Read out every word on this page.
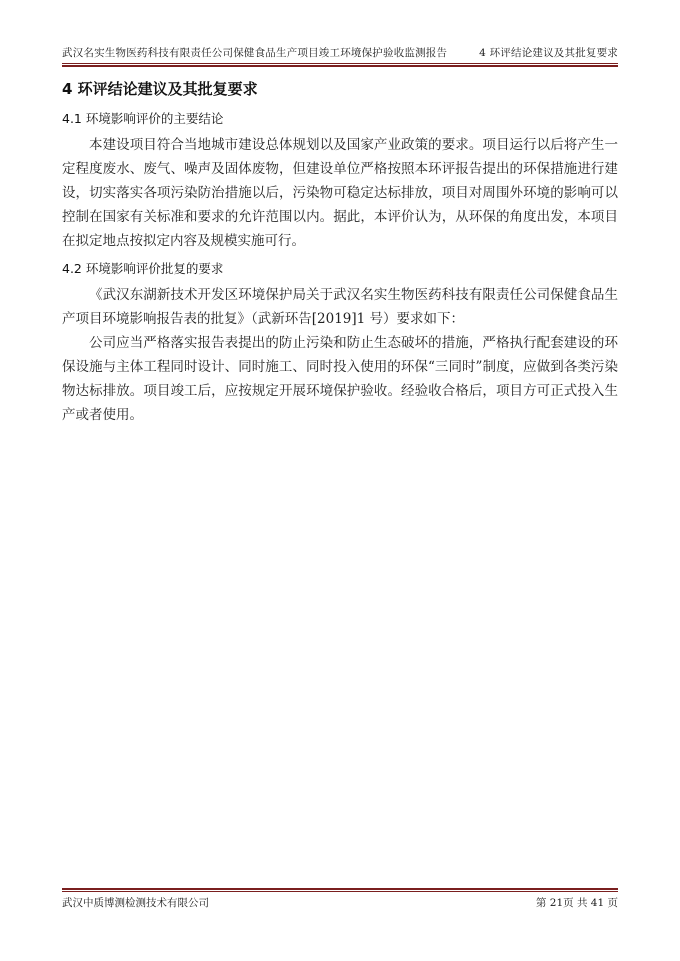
武汉名实生物医药科技有限责任公司保健食品生产项目竣工环境保护验收监测报告	4 环评结论建议及其批复要求
4 环评结论建议及其批复要求
4.1 环境影响评价的主要结论

本建设项目符合当地城市建设总体规划以及国家产业政策的要求。项目运行以后将产生一定程度废水、废气、噪声及固体废物，但建设单位严格按照本环评报告提出的环保措施进行建设，切实落实各项污染防治措施以后，污染物可稳定达标排放，项目对周围外环境的影响可以控制在国家有关标准和要求的允许范围以内。据此，本评价认为，从环保的角度出发，本项目在拟定地点按拟定内容及规模实施可行。

4.2 环境影响评价批复的要求

《武汉东湖新技术开发区环境保护局关于武汉名实生物医药科技有限责任公司保健食品生产项目环境影响报告表的批复》（武新环告[2019]1 号）要求如下：

公司应当严格落实报告表提出的防止污染和防止生态破坏的措施，严格执行配套建设的环保设施与主体工程同时设计、同时施工、同时投入使用的环保“三同时”制度，应做到各类污染物达标排放。项目竣工后，应按规定开展环境保护验收。经验收合格后，项目方可正式投入生产或者使用。

武汉中质博测检测技术有限公司	第 21页 共 41 页
